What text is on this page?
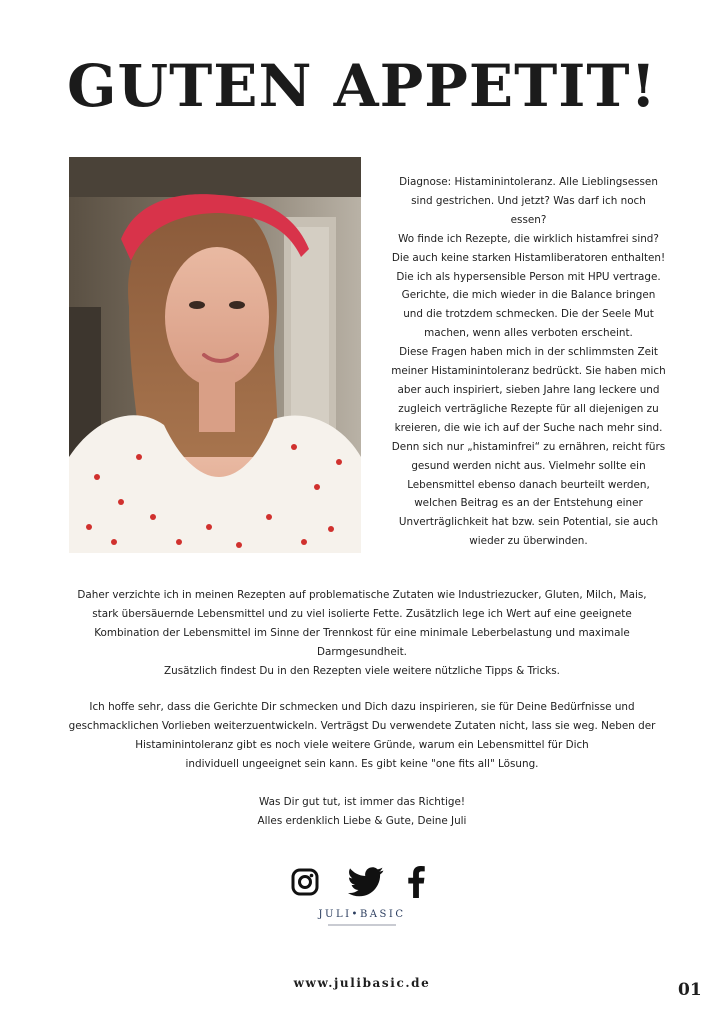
GUTEN APPETIT!

Diagnose: Histaminintoleranz. Alle Lieblingsessen

sind gestrichen. Und jetzt? Was darf ich noch

essen?

Wo finde ich Rezepte, die wirklich histamfrei sind?

Die auch keine starken Histamliberatoren enthalten!

Die ich als hypersensible Person mit HPU vertrage.

Gerichte, die mich wieder in die Balance bringen

und die trotzdem schmecken. Die der Seele Mut

machen, wenn alles verboten erscheint.

Diese Fragen haben mich in der schlimmsten Zeit

meiner Histaminintoleranz bedrückt. Sie haben mich

aber auch inspiriert, sieben Jahre lang leckere und

zugleich verträgliche Rezepte für all diejenigen zu

kreieren, die wie ich auf der Suche nach mehr sind.

Denn sich nur „histaminfrei“ zu ernähren, reicht fürs

gesund werden nicht aus. Vielmehr sollte ein

Lebensmittel ebenso danach beurteilt werden,

welchen Beitrag es an der Entstehung einer

Unverträglichkeit hat bzw. sein Potential, sie auch

wieder zu überwinden.

Daher verzichte ich in meinen Rezepten auf problematische Zutaten wie Industriezucker, Gluten, Milch, Mais,

stark übersäuernde Lebensmittel und zu viel isolierte Fette. Zusätzlich lege ich Wert auf eine geeignete

Kombination der Lebensmittel im Sinne der Trennkost für eine minimale Leberbelastung und maximale

Darmgesundheit.

Zusätzlich findest Du in den Rezepten viele weitere nützliche Tipps & Tricks.

Ich hoffe sehr, dass die Gerichte Dir schmecken und Dich dazu inspirieren, sie für Deine Bedürfnisse und

geschmacklichen Vorlieben weiterzuentwickeln. Verträgst Du verwendete Zutaten nicht, lass sie weg. Neben der

Histaminintoleranz gibt es noch viele weitere Gründe, warum ein Lebensmittel für Dich

individuell ungeeignet sein kann. Es gibt keine "one fits all" Lösung.

Was Dir gut tut, ist immer das Richtige!

Alles erdenklich Liebe & Gute, Deine Juli

JULI•BASIC
www.julibasic.de	01
